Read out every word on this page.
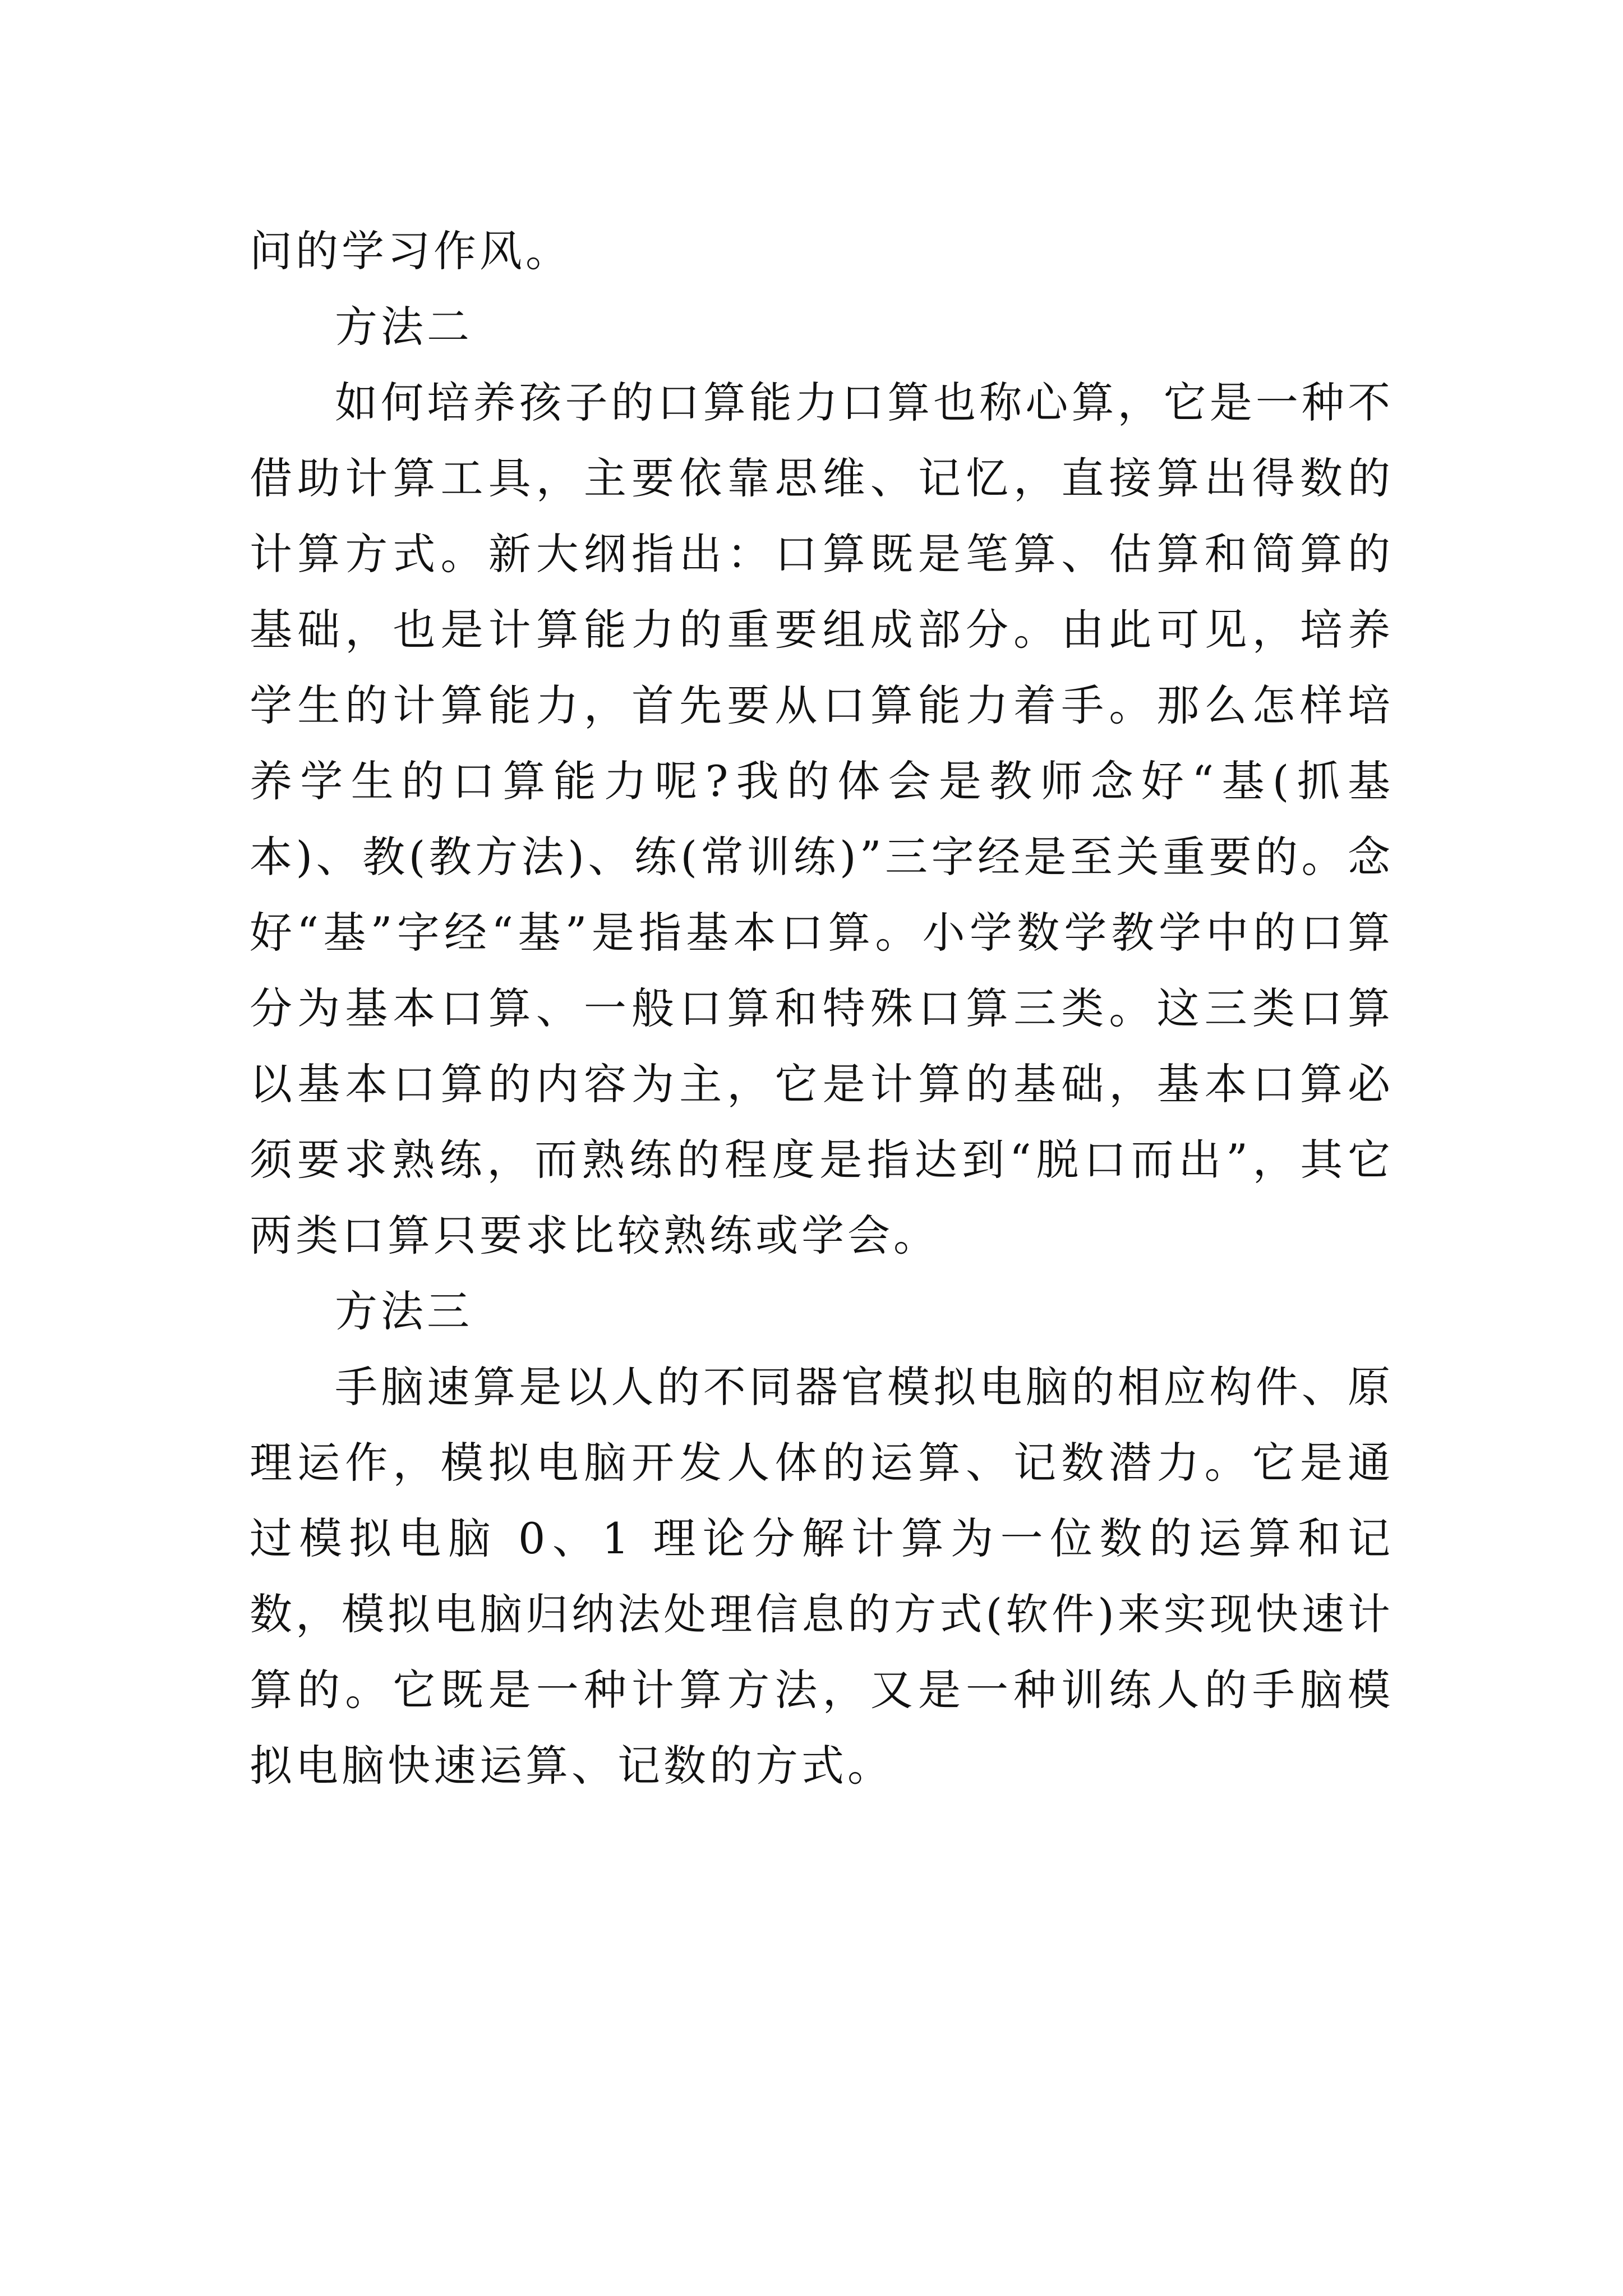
问的学习作风。

方法二

如何培养孩子的口算能力口算也称心算，它是一种不借助计算工具，主要依靠思维、记忆，直接算出得数的计算方式。新大纲指出：口算既是笔算、估算和简算的基础，也是计算能力的重要组成部分。由此可见，培养学生的计算能力，首先要从口算能力着手。那么怎样培养学生的口算能力呢?我的体会是教师念好“基(抓基本)、教(教方法)、练(常训练)”三字经是至关重要的。念好“基”字经“基”是指基本口算。小学数学教学中的口算分为基本口算、一般口算和特殊口算三类。这三类口算以基本口算的内容为主，它是计算的基础，基本口算必须要求熟练，而熟练的程度是指达到“脱口而出”，其它两类口算只要求比较熟练或学会。

方法三

手脑速算是以人的不同器官模拟电脑的相应构件、原理运作，模拟电脑开发人体的运算、记数潜力。它是通过模拟电脑 0、1 理论分解计算为一位数的运算和记数，模拟电脑归纳法处理信息的方式(软件)来实现快速计算的。它既是一种计算方法，又是一种训练人的手脑模拟电脑快速运算、记数的方式。
